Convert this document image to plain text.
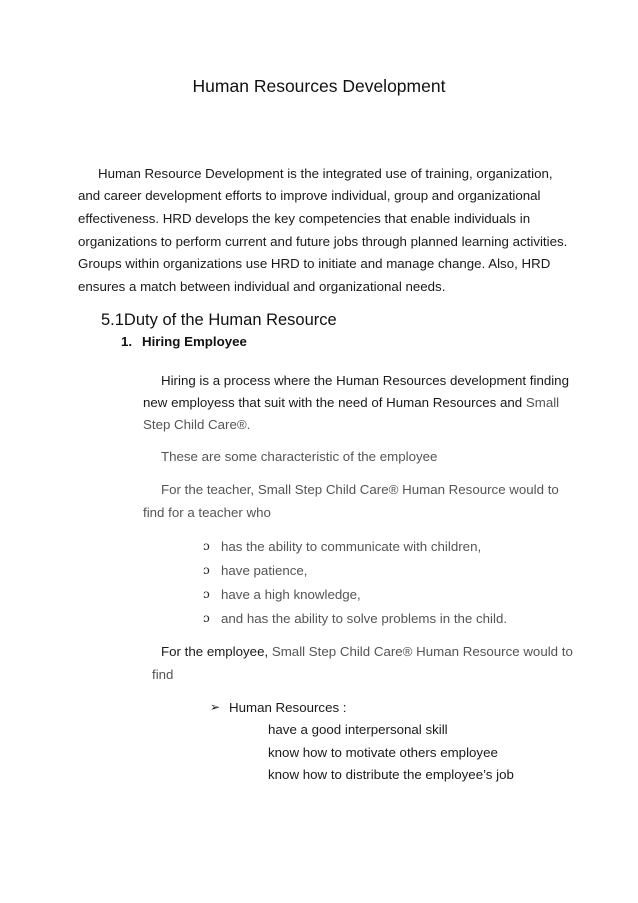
Human Resources Development
Human Resource Development is the integrated use of training, organization,
and career development efforts to improve individual, group and organizational
effectiveness. HRD develops the key competencies that enable individuals in
organizations to perform current and future jobs through planned learning activities.
Groups within organizations use HRD to initiate and manage change. Also, HRD
ensures a match between individual and organizational needs.
5.1Duty of the Human Resource
1. Hiring Employee
Hiring is a process where the Human Resources development finding
new employess that suit with the need of Human Resources and Small
Step Child Care®.
These are some characteristic of the employee
For the teacher, Small Step Child Care® Human Resource would to
find for a teacher who
ɔ has the ability to communicate with children,
ɔ have patience,
ɔ have a high knowledge,
ɔ and has the ability to solve problems in the child.
For the employee, Small Step Child Care® Human Resource would to
find
➢ Human Resources :
have a good interpersonal skill
know how to motivate others employee
know how to distribute the employee’s job
